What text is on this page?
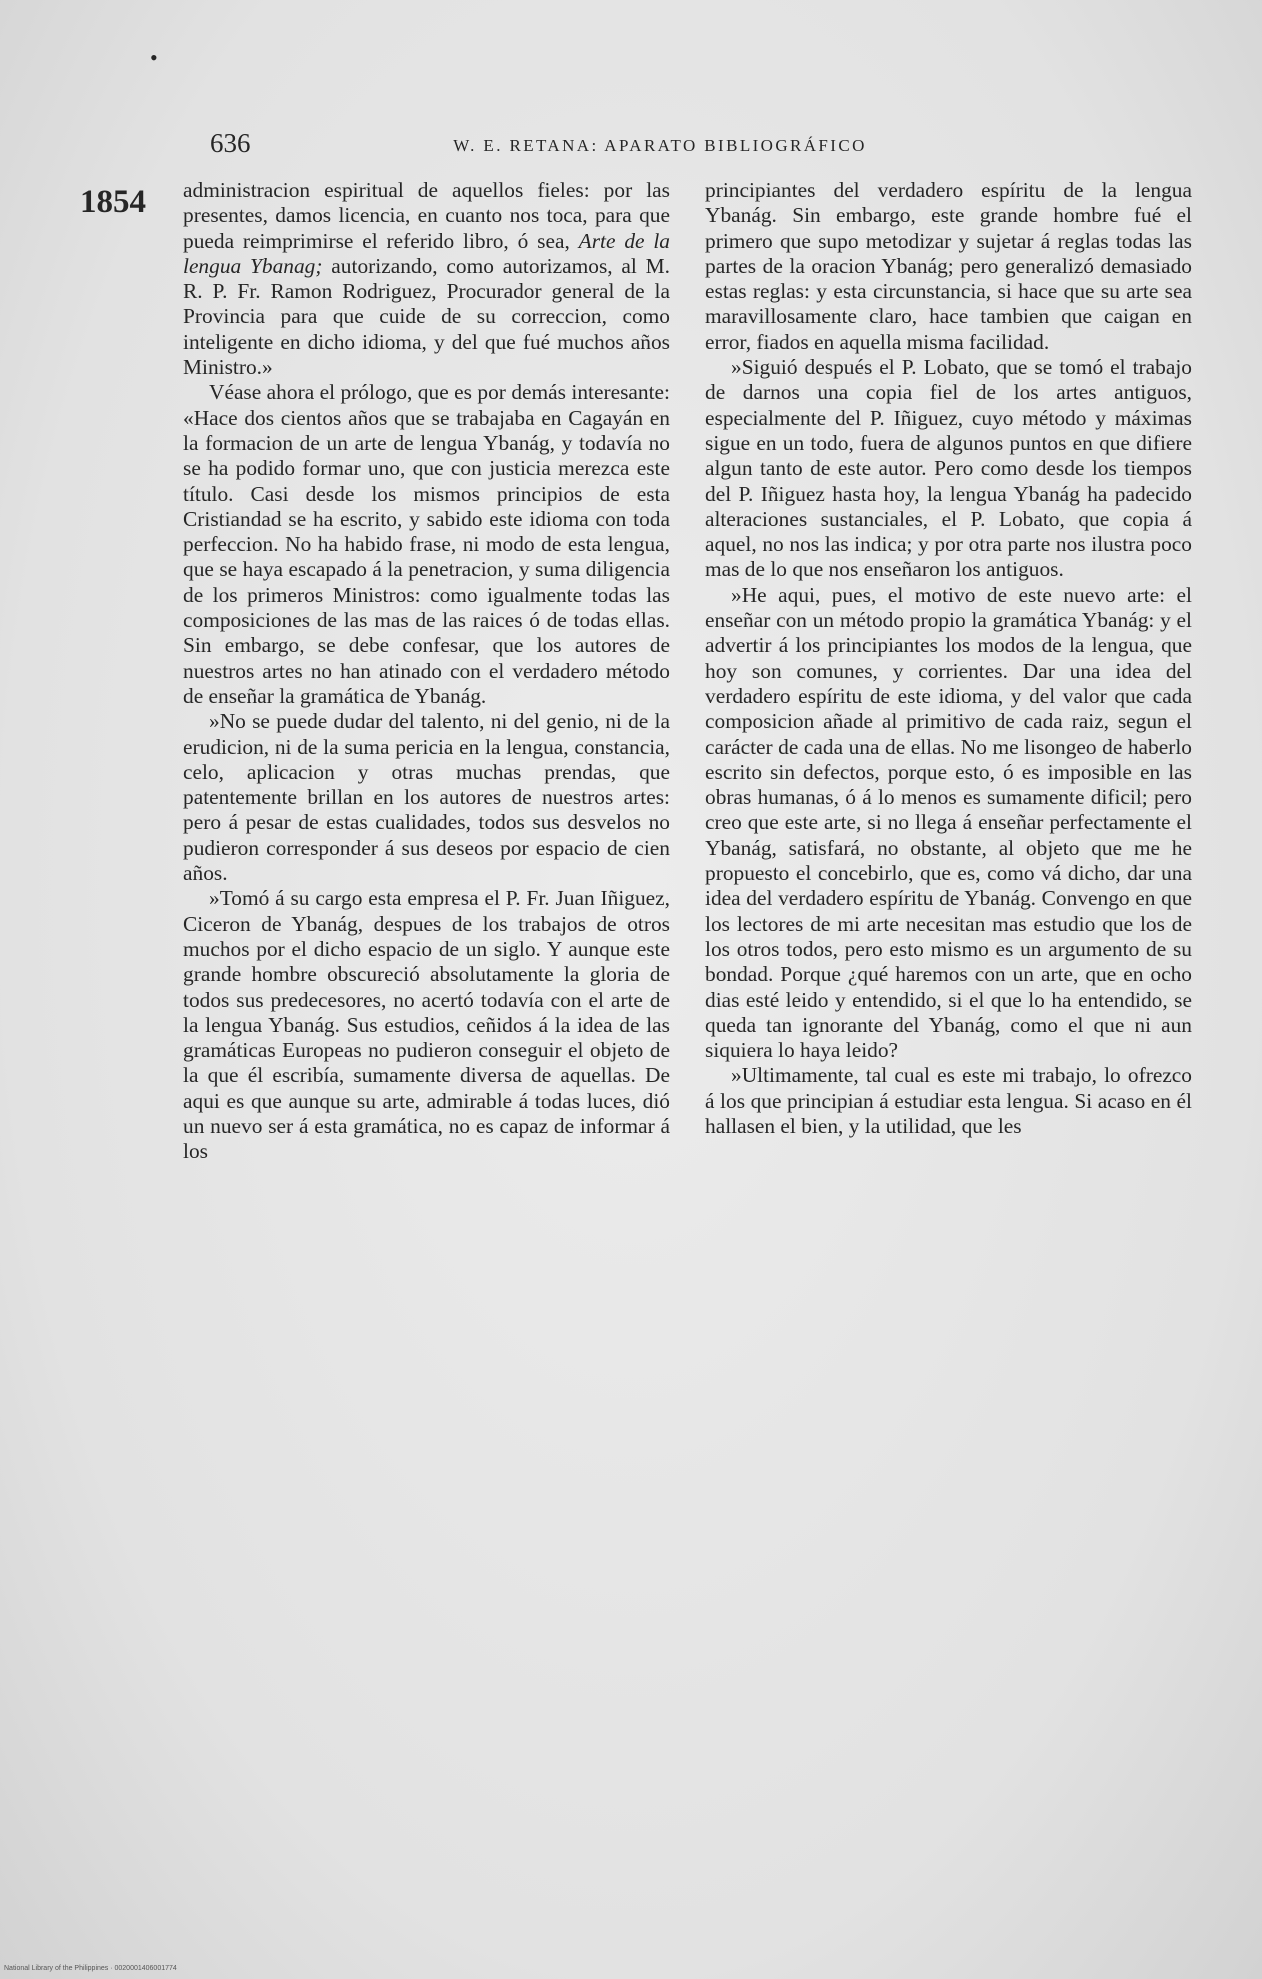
•
636	W. E. RETANA: APARATO BIBLIOGRÁFICO
1854 administracion espiritual de aquellos fieles: por las presentes, damos licencia, en cuanto nos toca, para que pueda reimprimirse el referido libro, ó sea, Arte de la lengua Ybanag; autorizando, como autorizamos, al M. R. P. Fr. Ramon Rodriguez, Procurador general de la Provincia para que cuide de su correccion, como inteligente en dicho idioma, y del que fué muchos años Ministro.»

Véase ahora el prólogo, que es por demás interesante: «Hace dos cientos años que se trabajaba en Cagayán en la formacion de un arte de lengua Ybanág, y todavía no se ha podido formar uno, que con justicia merezca este título. Casi desde los mismos principios de esta Cristiandad se ha escrito, y sabido este idioma con toda perfeccion. No ha habido frase, ni modo de esta lengua, que se haya escapado á la penetracion, y suma diligencia de los primeros Ministros: como igualmente todas las composiciones de las mas de las raices ó de todas ellas. Sin embargo, se debe confesar, que los autores de nuestros artes no han atinado con el verdadero método de enseñar la gramática de Ybanág.

»No se puede dudar del talento, ni del genio, ni de la erudicion, ni de la suma pericia en la lengua, constancia, celo, aplicacion y otras muchas prendas, que patentemente brillan en los autores de nuestros artes: pero á pesar de estas cualidades, todos sus desvelos no pudieron corresponder á sus deseos por espacio de cien años.

»Tomó á su cargo esta empresa el P. Fr. Juan Iñiguez, Ciceron de Ybanág, despues de los trabajos de otros muchos por el dicho espacio de un siglo. Y aunque este grande hombre obscureció absolutamente la gloria de todos sus predecesores, no acertó todavía con el arte de la lengua Ybanág. Sus estudios, ceñidos á la idea de las gramáticas Europeas no pudieron conseguir el objeto de la que él escribía, sumamente diversa de aquellas. De aqui es que aunque su arte, admirable á todas luces, dió un nuevo ser á esta gramática, no es capaz de informar á los

principiantes del verdadero espíritu de la lengua Ybanág. Sin embargo, este grande hombre fué el primero que supo metodizar y sujetar á reglas todas las partes de la oracion Ybanág; pero generalizó demasiado estas reglas: y esta circunstancia, si hace que su arte sea maravillosamente claro, hace tambien que caigan en error, fiados en aquella misma facilidad.

»Siguió después el P. Lobato, que se tomó el trabajo de darnos una copia fiel de los artes antiguos, especialmente del P. Iñiguez, cuyo método y máximas sigue en un todo, fuera de algunos puntos en que difiere algun tanto de este autor. Pero como desde los tiempos del P. Iñiguez hasta hoy, la lengua Ybanág ha padecido alteraciones sustanciales, el P. Lobato, que copia á aquel, no nos las indica; y por otra parte nos ilustra poco mas de lo que nos enseñaron los antiguos.

»He aqui, pues, el motivo de este nuevo arte: el enseñar con un método propio la gramática Ybanág: y el advertir á los principiantes los modos de la lengua, que hoy son comunes, y corrientes. Dar una idea del verdadero espíritu de este idioma, y del valor que cada composicion añade al primitivo de cada raiz, segun el carácter de cada una de ellas. No me lisongeo de haberlo escrito sin defectos, porque esto, ó es imposible en las obras humanas, ó á lo menos es sumamente dificil; pero creo que este arte, si no llega á enseñar perfectamente el Ybanág, satisfará, no obstante, al objeto que me he propuesto el concebirlo, que es, como vá dicho, dar una idea del verdadero espíritu de Ybanág. Convengo en que los lectores de mi arte necesitan mas estudio que los de los otros todos, pero esto mismo es un argumento de su bondad. Porque ¿qué haremos con un arte, que en ocho dias esté leido y entendido, si el que lo ha entendido, se queda tan ignorante del Ybanág, como el que ni aun siquiera lo haya leido?

»Ultimamente, tal cual es este mi trabajo, lo ofrezco á los que principian á estudiar esta lengua. Si acaso en él hallasen el bien, y la utilidad, que les

National Library of the Philippines · 0020001406001774
